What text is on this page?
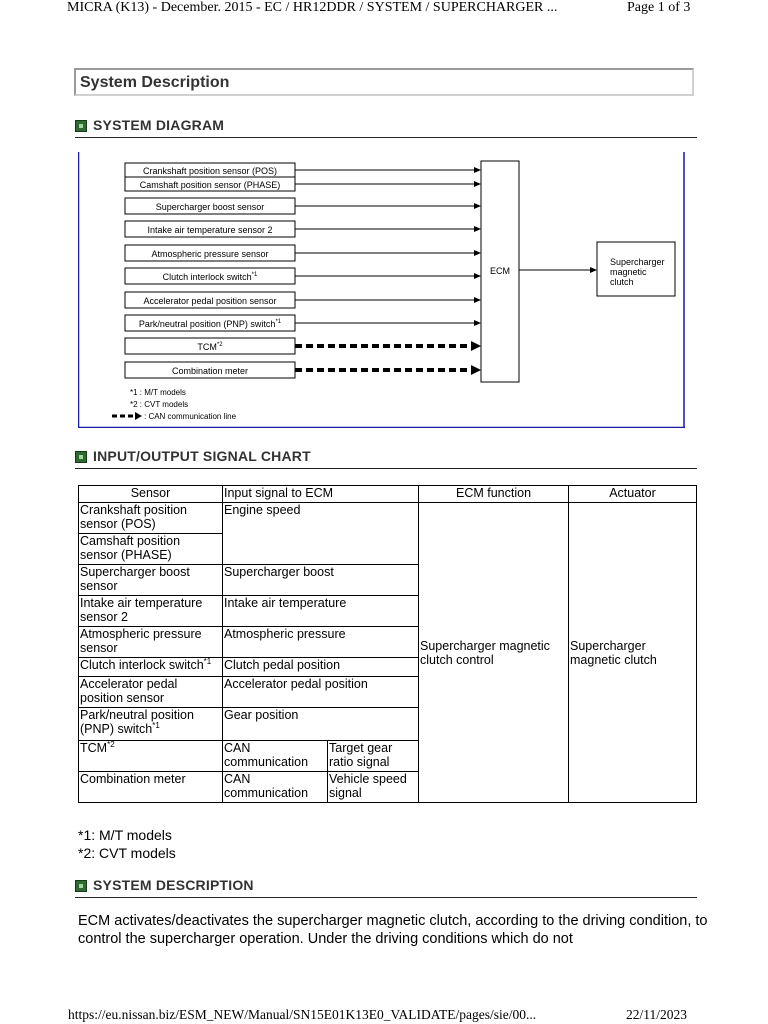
MICRA (K13) - December. 2015 - EC / HR12DDR / SYSTEM / SUPERCHARGER ...	Page 1 of 3
System Description
SYSTEM DIAGRAM
Crankshaft position sensor (POS)
Camshaft position sensor (PHASE)
Supercharger boost sensor
Intake air temperature sensor 2
Atmospheric pressure sensor
Clutch interlock switch$^{*1}$
Accelerator pedal position sensor
Park/neutral position (PNP) switch$^{*1}$
TCM$^{*2}$
Combination meter
ECM
Supercharger
magnetic
clutch
*1 : M/T models
*2 : CVT models
: CAN communication line
INPUT/OUTPUT SIGNAL CHART
Sensor	Input signal to ECM		ECM function	Actuator
Crankshaft position sensor (POS)	Engine speed		Supercharger magnetic clutch control	Supercharger magnetic clutch
Camshaft position sensor (PHASE)				
Supercharger boost sensor	Supercharger boost			
Intake air temperature sensor 2	Intake air temperature			
Atmospheric pressure sensor	Atmospheric pressure			
Clutch interlock switch$^{*1}$	Clutch pedal position			
Accelerator pedal position sensor	Accelerator pedal position			
Park/neutral position (PNP) switch$^{*1}$	Gear position			
TCM$^{*2}$	CAN communication	Target gear ratio signal		
Combination meter	CAN communication	Vehicle speed signal		
*1: M/T models
*2: CVT models
SYSTEM DESCRIPTION
ECM activates/deactivates the supercharger magnetic clutch, according to the driving condition, to control the supercharger operation. Under the driving conditions which do not
https://eu.nissan.biz/ESM_NEW/Manual/SN15E01K13E0_VALIDATE/pages/sie/00...	22/11/2023
